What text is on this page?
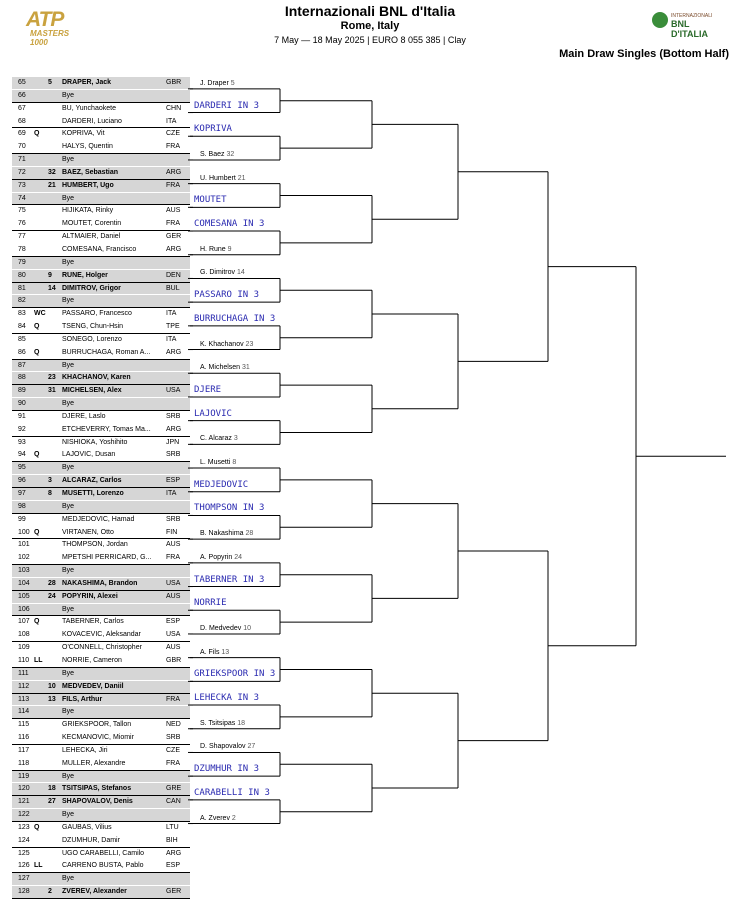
ATP
MASTERS 1000
Internazionali BNL d'Italia
Rome, Italy
7 May — 18 May 2025 | EURO 8 055 385 | Clay
INTERNAZIONALI
BNL D'ITALIA
Main Draw Singles (Bottom Half)
65	5 DRAPER, Jack	GBR
66	Bye
67	BU, Yunchaokete	CHN
68	DARDERI, Luciano	ITA
69 Q	KOPRIVA, Vit	CZE
70	HALYS, Quentin	FRA
71	Bye
72	32 BAEZ, Sebastian	ARG
73	21 HUMBERT, Ugo	FRA
74	Bye
75	HIJIKATA, Rinky	AUS
76	MOUTET, Corentin	FRA
77	ALTMAIER, Daniel	GER
78	COMESANA, Francisco	ARG
79	Bye
80	9 RUNE, Holger	DEN
81	14 DIMITROV, Grigor	BUL
82	Bye
83 WC PASSARO, Francesco	ITA
84 Q	TSENG, Chun-Hsin	TPE
85	SONEGO, Lorenzo	ITA
86 Q	BURRUCHAGA, Roman A... ARG
87	Bye
88	23 KHACHANOV, Karen
89	31 MICHELSEN, Alex	USA
90	Bye
91	DJERE, Laslo	SRB
92	ETCHEVERRY, Tomas Ma... ARG
93	NISHIOKA, Yoshihito	JPN
94 Q	LAJOVIC, Dusan	SRB
95	Bye
96	3 ALCARAZ, Carlos	ESP
97	8 MUSETTI, Lorenzo	ITA
98	Bye
99	MEDJEDOVIC, Hamad	SRB
100 Q	VIRTANEN, Otto	FIN
101	THOMPSON, Jordan	AUS
102	MPETSHI PERRICARD, G... FRA
103	Bye
104	28 NAKASHIMA, Brandon	USA
105	24 POPYRIN, Alexei	AUS
106	Bye
107 Q	TABERNER, Carlos	ESP
108	KOVACEVIC, Aleksandar	USA
109	O'CONNELL, Christopher	AUS
110 LL	NORRIE, Cameron	GBR
111	Bye
112	10 MEDVEDEV, Daniil
113	13 FILS, Arthur	FRA
114	Bye
115	GRIEKSPOOR, Tallon	NED
116	KECMANOVIC, Miomir	SRB
117	LEHECKA, Jiri	CZE
118	MULLER, Alexandre	FRA
119	Bye
120	18 TSITSIPAS, Stefanos	GRE
121	27 SHAPOVALOV, Denis	CAN
122	Bye
123 Q	GAUBAS, Vilius	LTU
124	DZUMHUR, Damir	BIH
125	UGO CARABELLI, Camilo	ARG
126 LL	CARRENO BUSTA, Pablo	ESP
127	Bye
128	2 ZVEREV, Alexander	GER
J. Draper 5
DARDERI IN 3
KOPRIVA
S. Baez 32
U. Humbert 21
MOUTET
COMESANA IN 3
H. Rune 9
G. Dimitrov 14
PASSARO IN 3
BURRUCHAGA IN 3
K. Khachanov 23
A. Michelsen 31
DJERE
LAJOVIC
C. Alcaraz 3
L. Musetti 8
MEDJEDOVIC
THOMPSON IN 3
B. Nakashima 28
A. Popyrin 24
TABERNER IN 3
NORRIE
D. Medvedev 10
A. Fils 13
GRIEKSPOOR IN 3
LEHECKA IN 3
S. Tsitsipas 18
D. Shapovalov 27
DZUMHUR IN 3
CARABELLI IN 3
A. Zverev 2
